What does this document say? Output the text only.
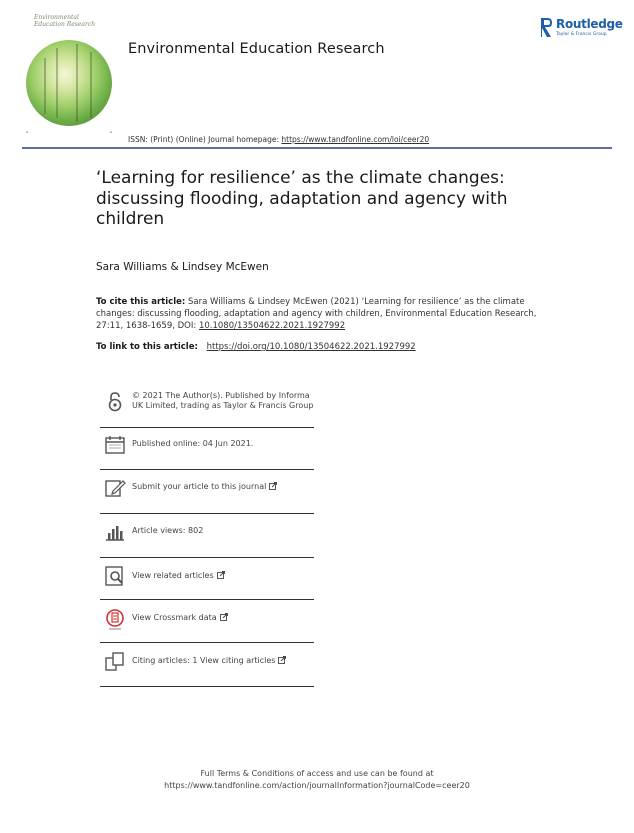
Environmental
Education Research
▪	▪
Environmental Education Research
Routledge
Taylor & Francis Group
ISSN: (Print) (Online) Journal homepage: https://www.tandfonline.com/loi/ceer20
‘Learning for resilience’ as the climate changes: discussing flooding, adaptation and agency with children
Sara Williams & Lindsey McEwen
To cite this article: Sara Williams & Lindsey McEwen (2021) ‘Learning for resilience’ as the climate changes: discussing flooding, adaptation and agency with children, Environmental Education Research, 27:11, 1638-1659, DOI: 10.1080/13504622.2021.1927992
To link to this article: https://doi.org/10.1080/13504622.2021.1927992
© 2021 The Author(s). Published by Informa UK Limited, trading as Taylor & Francis Group
Published online: 04 Jun 2021.
Submit your article to this journal
Article views: 802
View related articles
View Crossmark data
Citing articles: 1 View citing articles
Full Terms & Conditions of access and use can be found at
https://www.tandfonline.com/action/journalInformation?journalCode=ceer20
